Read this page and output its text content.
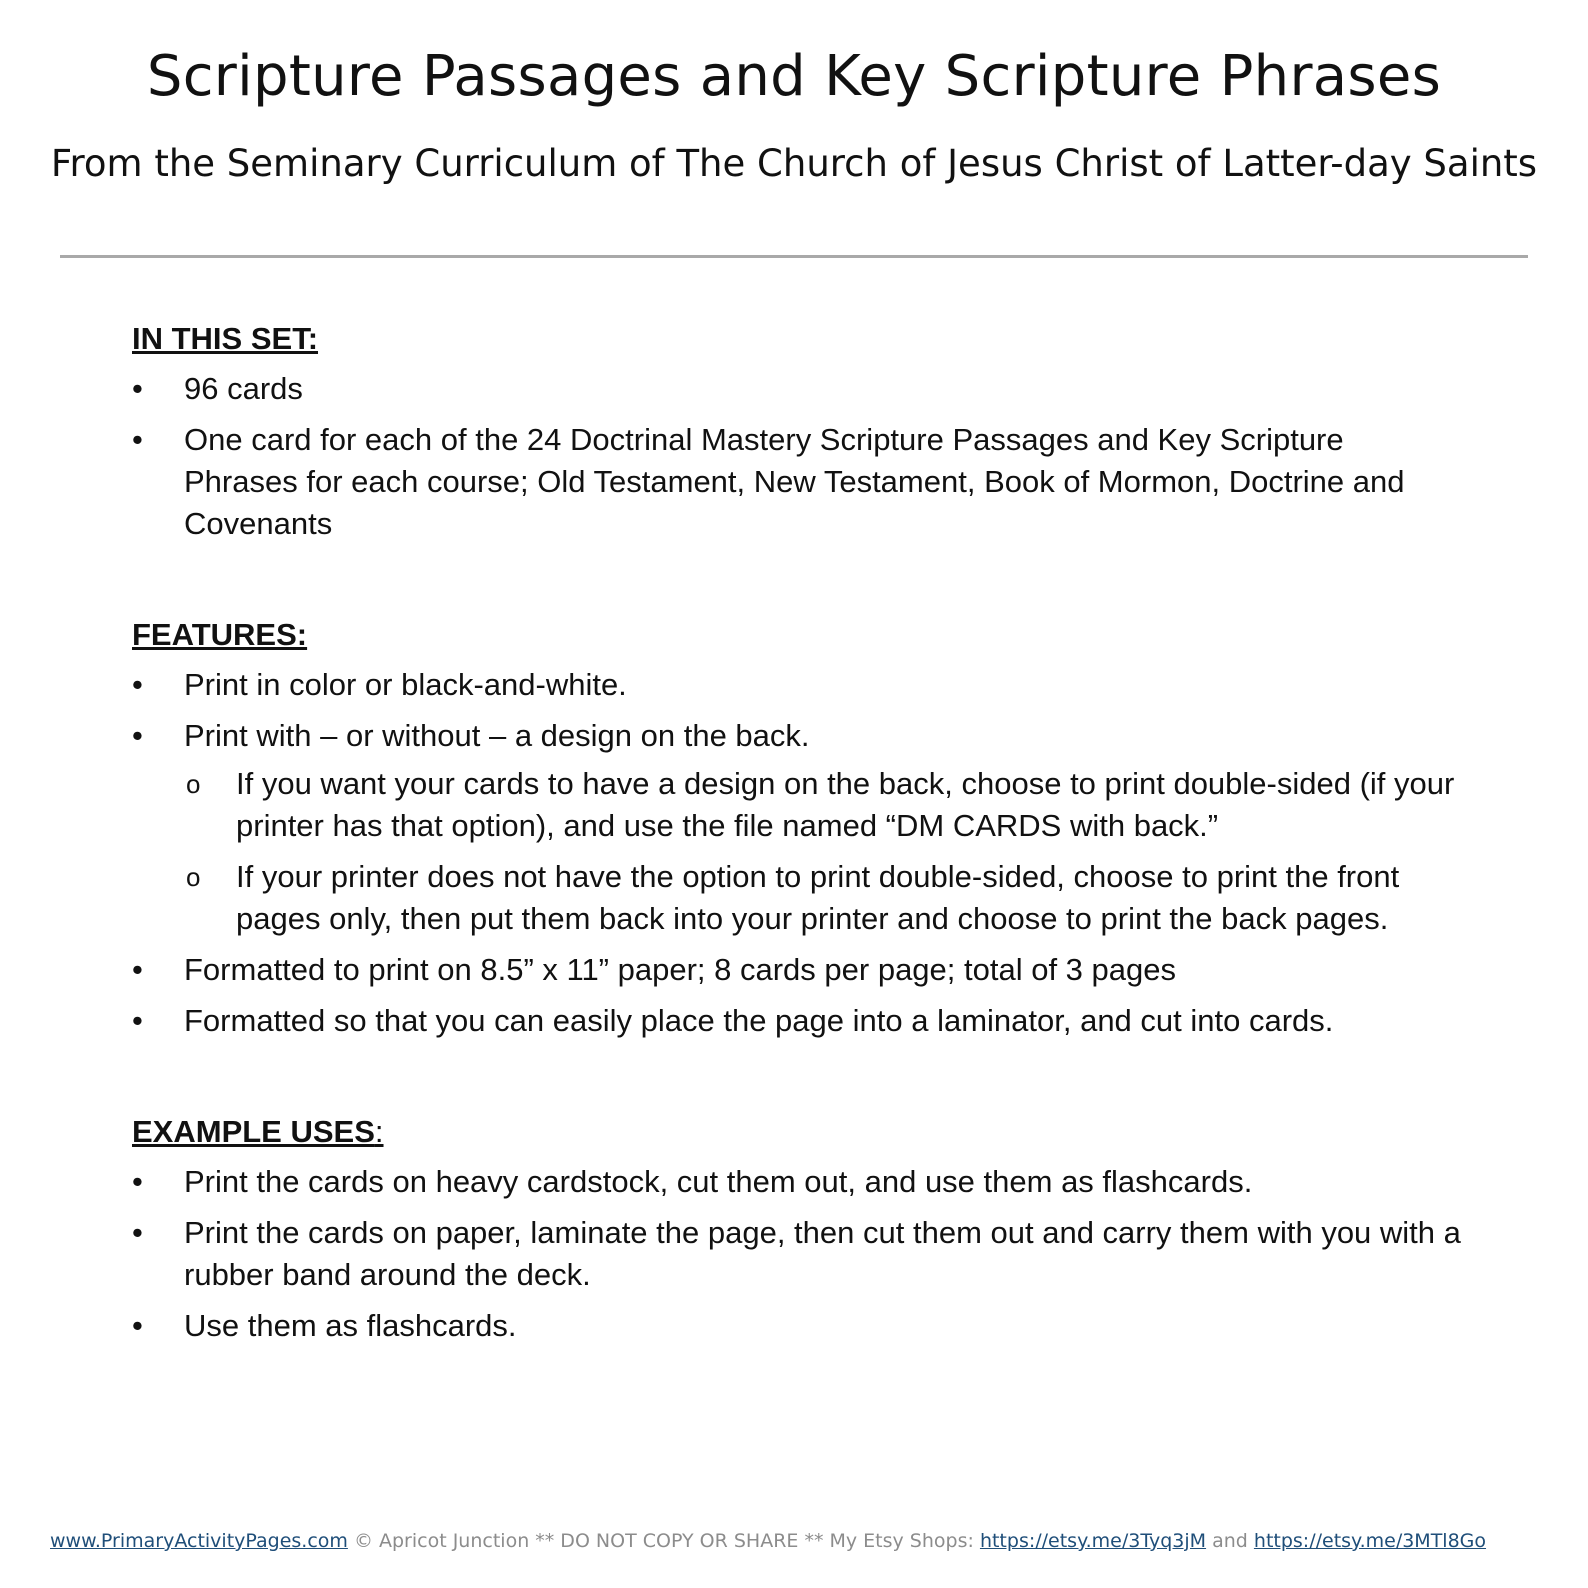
Scripture Passages and Key Scripture Phrases
From the Seminary Curriculum of The Church of Jesus Christ of Latter-day Saints
IN THIS SET:
• 96 cards
• One card for each of the 24 Doctrinal Mastery Scripture Passages and Key Scripture Phrases for each course; Old Testament, New Testament, Book of Mormon, Doctrine and Covenants
FEATURES:
• Print in color or black-and-white.
• Print with – or without – a design on the back.
o If you want your cards to have a design on the back, choose to print double-sided (if your printer has that option), and use the file named “DM CARDS with back.”
o If your printer does not have the option to print double-sided, choose to print the front pages only, then put them back into your printer and choose to print the back pages.
• Formatted to print on 8.5” x 11” paper; 8 cards per page; total of 3 pages
• Formatted so that you can easily place the page into a laminator, and cut into cards.
EXAMPLE USES:
• Print the cards on heavy cardstock, cut them out, and use them as flashcards.
• Print the cards on paper, laminate the page, then cut them out and carry them with you with a rubber band around the deck.
• Use them as flashcards.
www.PrimaryActivityPages.com © Apricot Junction ** DO NOT COPY OR SHARE ** My Etsy Shops: https://etsy.me/3Tyq3jM and https://etsy.me/3MTl8Go
